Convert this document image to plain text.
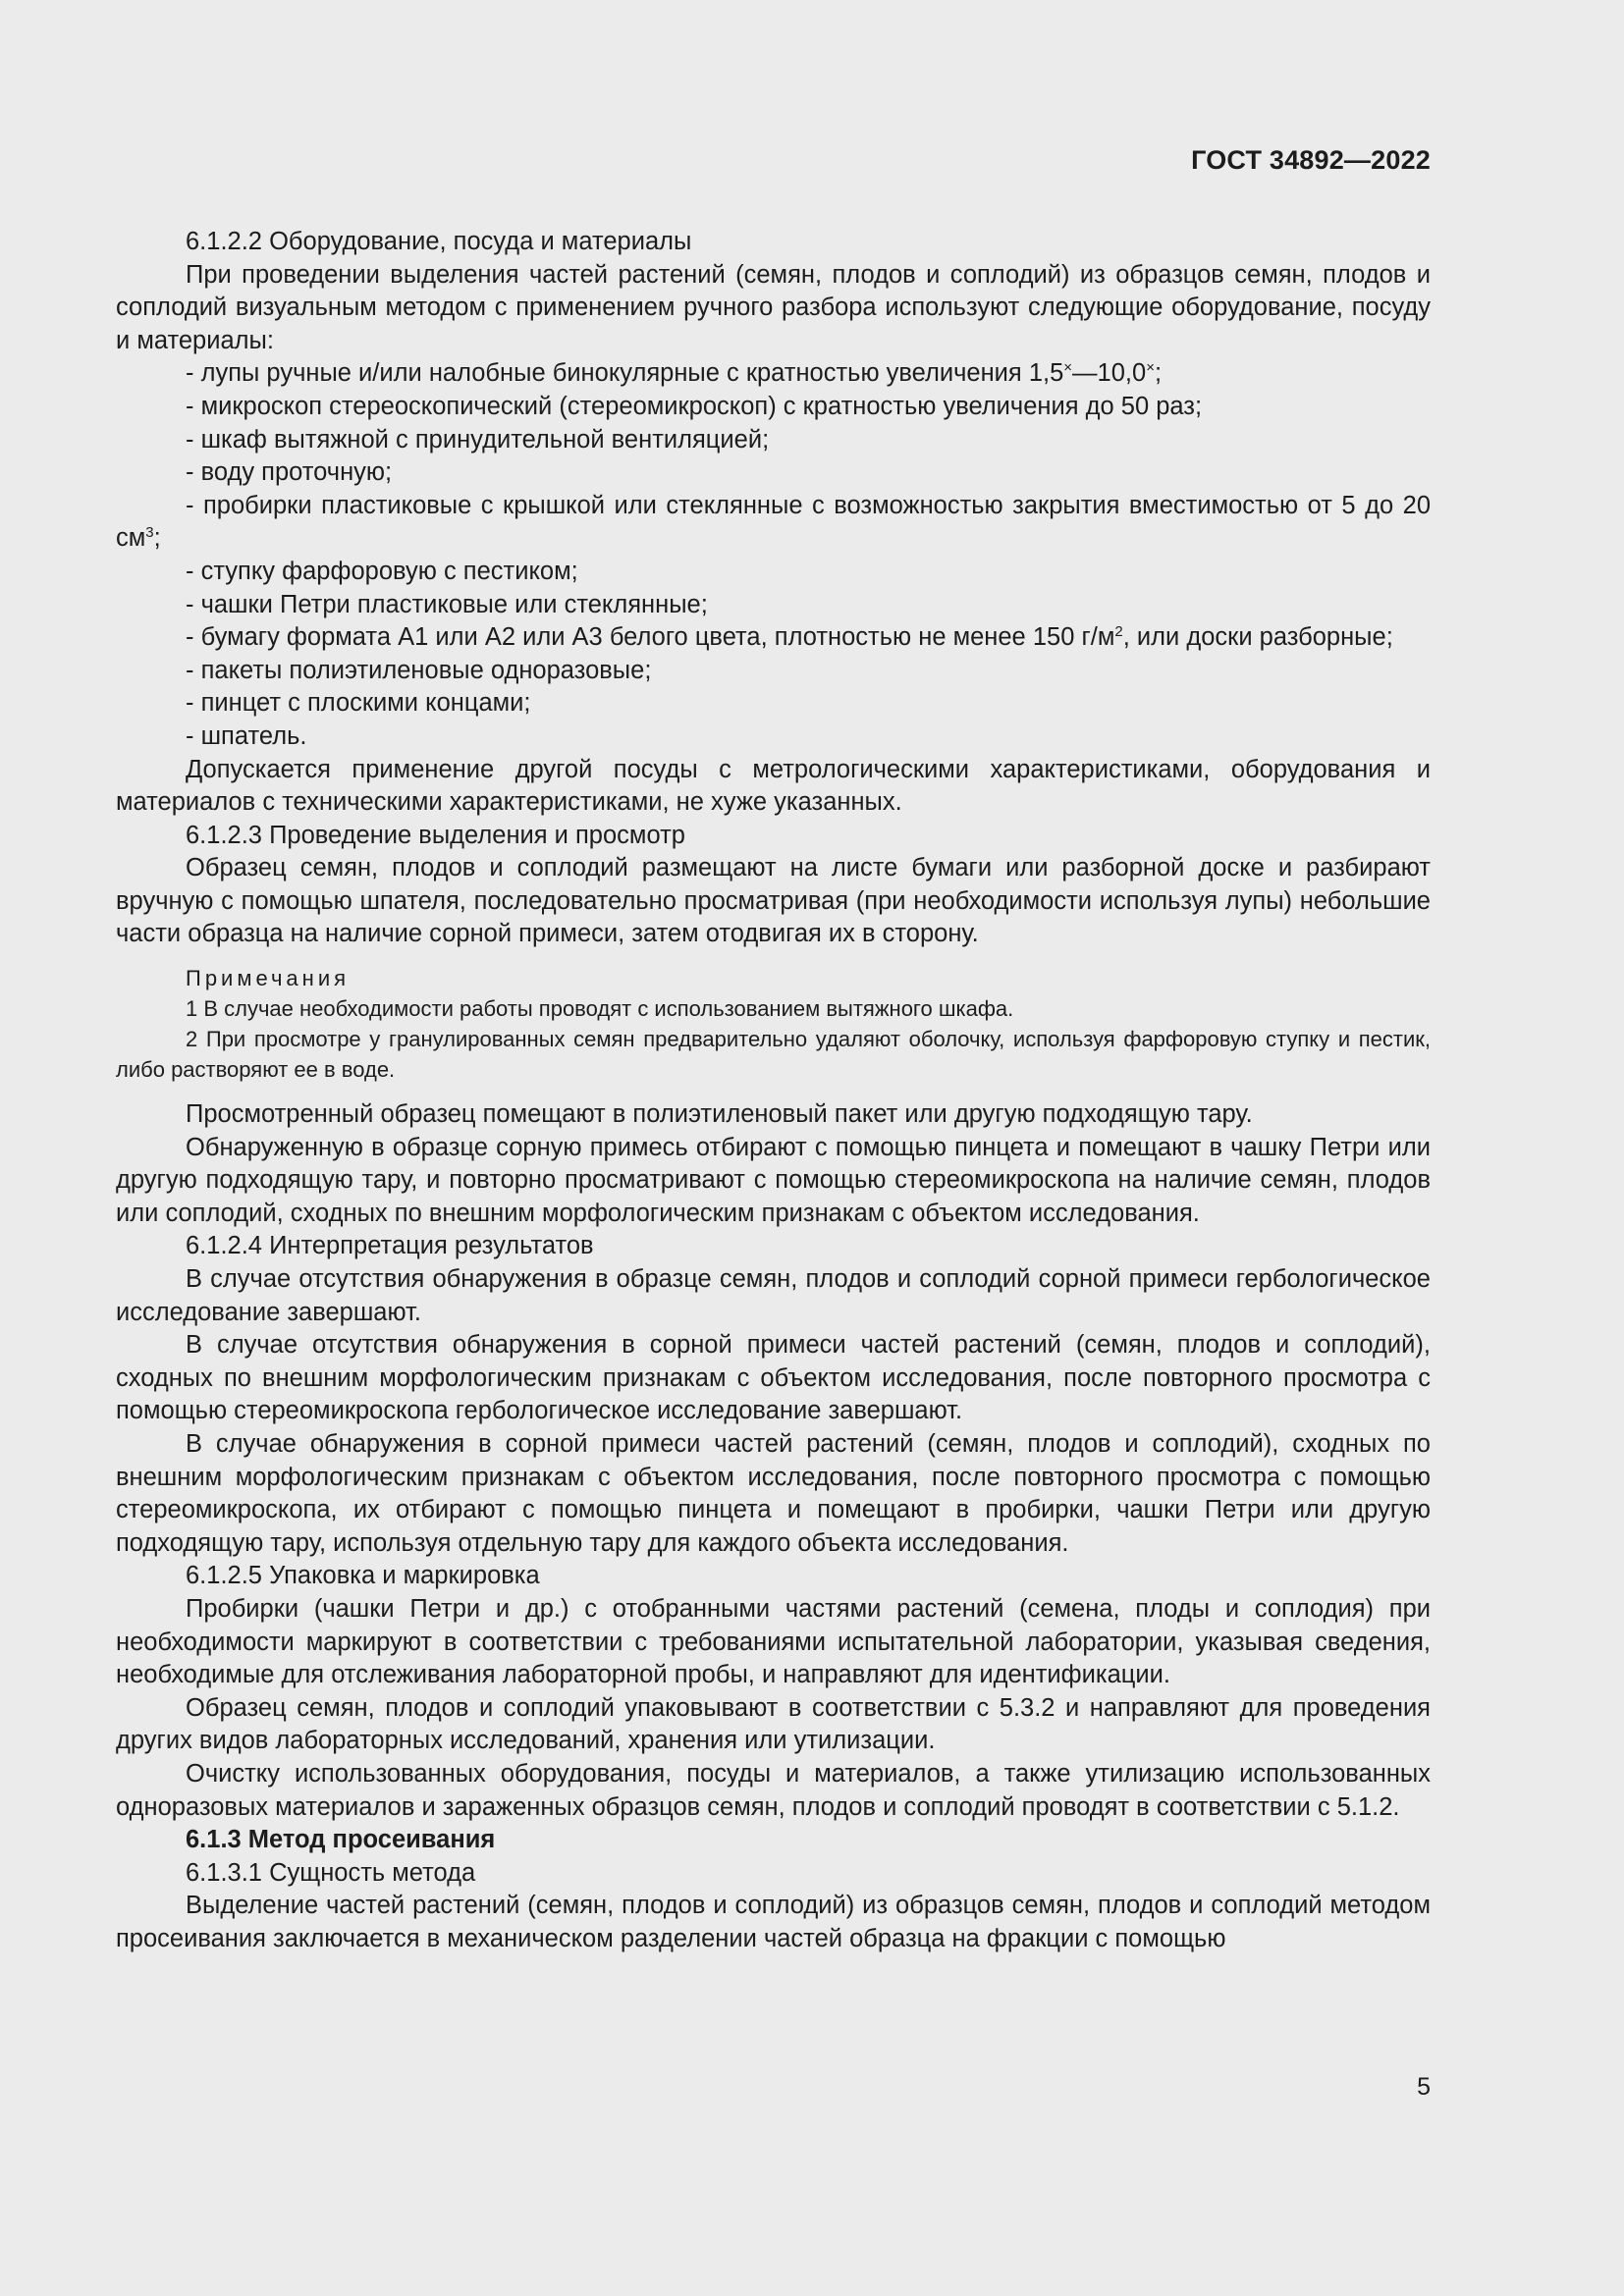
ГОСТ 34892—2022

6.1.2.2 Оборудование, посуда и материалы

При проведении выделения частей растений (семян, плодов и соплодий) из образцов семян, плодов и соплодий визуальным методом с применением ручного разбора используют следующие оборудование, посуду и материалы:

- лупы ручные и/или налобные бинокулярные с кратностью увеличения 1,5×—10,0×;

- микроскоп стереоскопический (стереомикроскоп) с кратностью увеличения до 50 раз;

- шкаф вытяжной с принудительной вентиляцией;

- воду проточную;

- пробирки пластиковые с крышкой или стеклянные с возможностью закрытия вместимостью от 5 до 20 $см^3$;

- ступку фарфоровую с пестиком;

- чашки Петри пластиковые или стеклянные;

- бумагу формата А1 или А2 или А3 белого цвета, плотностью не менее 150 $г/м^2$, или доски разборные;

- пакеты полиэтиленовые одноразовые;

- пинцет с плоскими концами;

- шпатель.

Допускается применение другой посуды с метрологическими характеристиками, оборудования и материалов с техническими характеристиками, не хуже указанных.

6.1.2.3 Проведение выделения и просмотр

Образец семян, плодов и соплодий размещают на листе бумаги или разборной доске и разбирают вручную с помощью шпателя, последовательно просматривая (при необходимости используя лупы) небольшие части образца на наличие сорной примеси, затем отодвигая их в сторону.

Примечания

1 В случае необходимости работы проводят с использованием вытяжного шкафа.

2 При просмотре у гранулированных семян предварительно удаляют оболочку, используя фарфоровую ступку и пестик, либо растворяют ее в воде.

Просмотренный образец помещают в полиэтиленовый пакет или другую подходящую тару.

Обнаруженную в образце сорную примесь отбирают с помощью пинцета и помещают в чашку Петри или другую подходящую тару, и повторно просматривают с помощью стереомикроскопа на наличие семян, плодов или соплодий, сходных по внешним морфологическим признакам с объектом исследования.

6.1.2.4 Интерпретация результатов

В случае отсутствия обнаружения в образце семян, плодов и соплодий сорной примеси гербологическое исследование завершают.

В случае отсутствия обнаружения в сорной примеси частей растений (семян, плодов и соплодий), сходных по внешним морфологическим признакам с объектом исследования, после повторного просмотра с помощью стереомикроскопа гербологическое исследование завершают.

В случае обнаружения в сорной примеси частей растений (семян, плодов и соплодий), сходных по внешним морфологическим признакам с объектом исследования, после повторного просмотра с помощью стереомикроскопа, их отбирают с помощью пинцета и помещают в пробирки, чашки Петри или другую подходящую тару, используя отдельную тару для каждого объекта исследования.

6.1.2.5 Упаковка и маркировка

Пробирки (чашки Петри и др.) с отобранными частями растений (семена, плоды и соплодия) при необходимости маркируют в соответствии с требованиями испытательной лаборатории, указывая сведения, необходимые для отслеживания лабораторной пробы, и направляют для идентификации.

Образец семян, плодов и соплодий упаковывают в соответствии с 5.3.2 и направляют для проведения других видов лабораторных исследований, хранения или утилизации.

Очистку использованных оборудования, посуды и материалов, а также утилизацию использованных одноразовых материалов и зараженных образцов семян, плодов и соплодий проводят в соответствии с 5.1.2.

6.1.3 Метод просеивания

6.1.3.1 Сущность метода

Выделение частей растений (семян, плодов и соплодий) из образцов семян, плодов и соплодий методом просеивания заключается в механическом разделении частей образца на фракции с помощью

5
